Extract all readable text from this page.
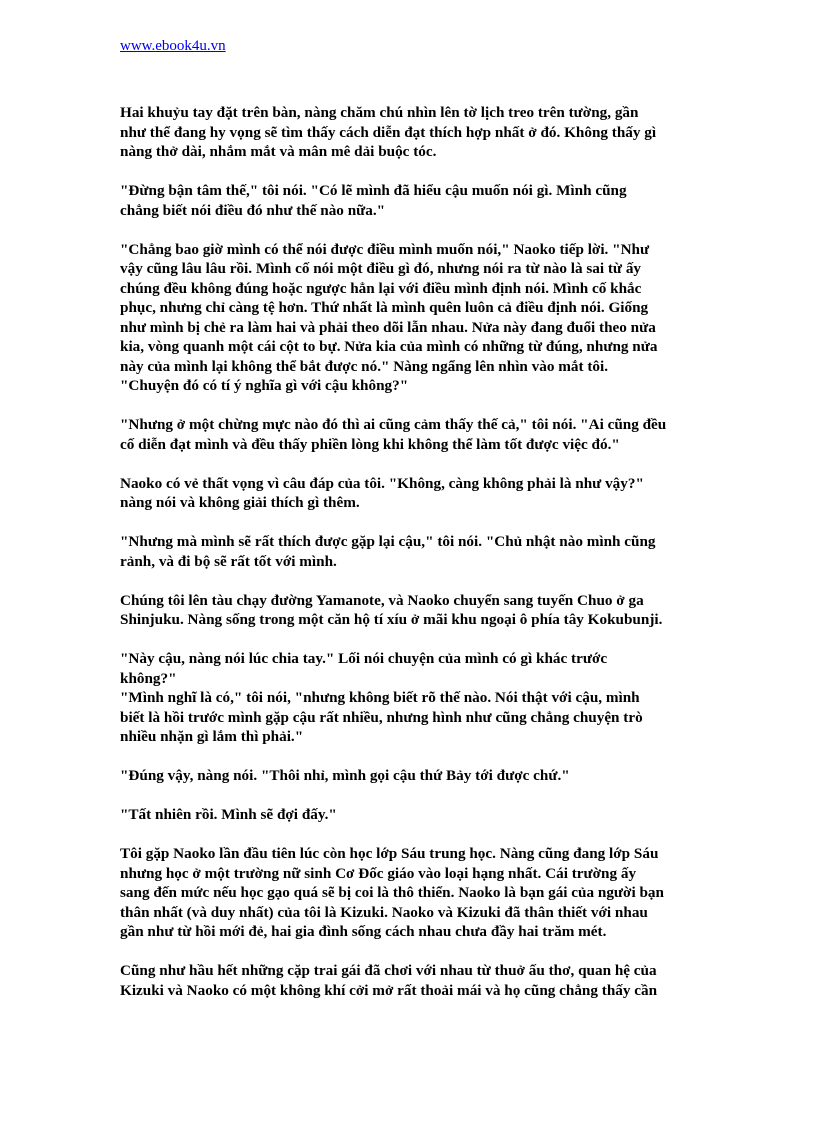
www.ebook4u.vn

Hai khuỷu tay đặt trên bàn, nàng chăm chú nhìn lên tờ lịch treo trên tường, gần
như thể đang hy vọng sẽ tìm thấy cách diễn đạt thích hợp nhất ở đó. Không thấy gì
nàng thở dài, nhắm mắt và mân mê dải buộc tóc.

"Đừng bận tâm thế," tôi nói. "Có lẽ mình đã hiểu cậu muốn nói gì. Mình cũng
chẳng biết nói điều đó như thế nào nữa."

"Chẳng bao giờ mình có thể nói được điều mình muốn nói," Naoko tiếp lời. "Như
vậy cũng lâu lâu rồi. Mình cố nói một điều gì đó, nhưng nói ra từ nào là sai từ ấy
chúng đều không đúng hoặc ngược hẳn lại với điều mình định nói. Mình cố khắc
phục, nhưng chỉ càng tệ hơn. Thứ nhất là mình quên luôn cả điều định nói. Giống
như mình bị chẻ ra làm hai và phải theo dõi lẫn nhau. Nửa này đang đuổi theo nửa
kia, vòng quanh một cái cột to bự. Nửa kia của mình có những từ đúng, nhưng nửa
này của mình lại không thể bắt được nó." Nàng ngẩng lên nhìn vào mắt tôi.
"Chuyện đó có tí ý nghĩa gì với cậu không?"

"Nhưng ở một chừng mực nào đó thì ai cũng cảm thấy thế cả," tôi nói. "Ai cũng đều
cố diễn đạt mình và đều thấy phiền lòng khi không thể làm tốt được việc đó."

Naoko có vẻ thất vọng vì câu đáp của tôi. "Không, càng không phải là như vậy?"
nàng nói và không giải thích gì thêm.

"Nhưng mà mình sẽ rất thích được gặp lại cậu," tôi nói. "Chủ nhật nào mình cũng
rảnh, và đi bộ sẽ rất tốt với mình.

Chúng tôi lên tàu chạy đường Yamanote, và Naoko chuyển sang tuyến Chuo ở ga
Shinjuku. Nàng sống trong một căn hộ tí xíu ở mãi khu ngoại ô phía tây Kokubunji.

"Này cậu, nàng nói lúc chia tay." Lối nói chuyện của mình có gì khác trước
không?"

"Mình nghĩ là có," tôi nói, "nhưng không biết rõ thế nào. Nói thật với cậu, mình
biết là hồi trước mình gặp cậu rất nhiều, nhưng hình như cũng chẳng chuyện trò
nhiều nhặn gì lắm thì phải."

"Đúng vậy, nàng nói. "Thôi nhỉ, mình gọi cậu thứ Bảy tới được chứ."

"Tất nhiên rồi. Mình sẽ đợi đấy."

Tôi gặp Naoko lần đầu tiên lúc còn học lớp Sáu trung học. Nàng cũng đang lớp Sáu
nhưng học ở một trường nữ sinh Cơ Đốc giáo vào loại hạng nhất. Cái trường ấy
sang đến mức nếu học gạo quá sẽ bị coi là thô thiển. Naoko là bạn gái của người bạn
thân nhất (và duy nhất) của tôi là Kizuki. Naoko và Kizuki đã thân thiết với nhau
gần như từ hồi mới đẻ, hai gia đình sống cách nhau chưa đầy hai trăm mét.

Cũng như hầu hết những cặp trai gái đã chơi với nhau từ thuở ấu thơ, quan hệ của
Kizuki và Naoko có một không khí cởi mở rất thoải mái và họ cũng chẳng thấy cần
